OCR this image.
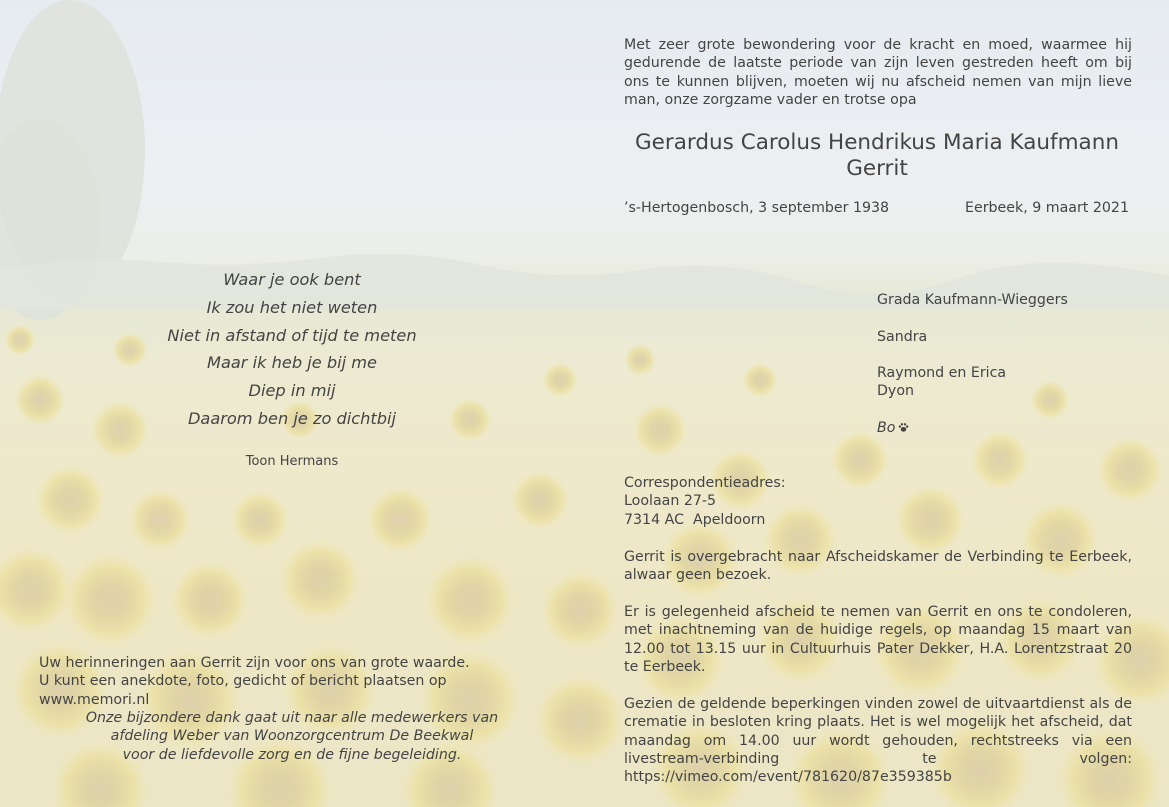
Met zeer grote bewondering voor de kracht en moed, waarmee hij gedurende de laatste periode van zijn leven gestreden heeft om bij ons te kunnen blijven, moeten wij nu afscheid nemen van mijn lieve man, onze zorgzame vader en trotse opa
Gerardus Carolus Hendrikus Maria Kaufmann
Gerrit
’s-Hertogenbosch, 3 september 1938	Eerbeek, 9 maart 2021
Waar je ook bent
Ik zou het niet weten
Niet in afstand of tijd te meten
Maar ik heb je bij me
Diep in mij
Daarom ben je zo dichtbij
Toon Hermans
Grada Kaufmann-Wieggers
Sandra
Raymond en Erica
Dyon
Bo

Correspondentieadres:
Loolaan 27-5
7314 AC  Apeldoorn

Gerrit is overgebracht naar Afscheidskamer de Verbinding te Eerbeek, alwaar geen bezoek.

Er is gelegenheid afscheid te nemen van Gerrit en ons te condoleren, met inachtneming van de huidige regels, op maandag 15 maart van 12.00 tot 13.15 uur in Cultuurhuis Pater Dekker, H.A. Lorentzstraat 20 te Eerbeek.

Gezien de geldende beperkingen vinden zowel de uitvaartdienst als de crematie in besloten kring plaats. Het is wel mogelijk het afscheid, dat maandag om 14.00 uur wordt gehouden, rechtstreeks via een livestream-verbinding te volgen: https://vimeo.com/event/781620/87e359385b

Uw herinneringen aan Gerrit zijn voor ons van grote waarde.
U kunt een anekdote, foto, gedicht of bericht plaatsen op www.memori.nl
Onze bijzondere dank gaat uit naar alle medewerkers van
afdeling Weber van Woonzorgcentrum De Beekwal
voor de liefdevolle zorg en de fijne begeleiding.
